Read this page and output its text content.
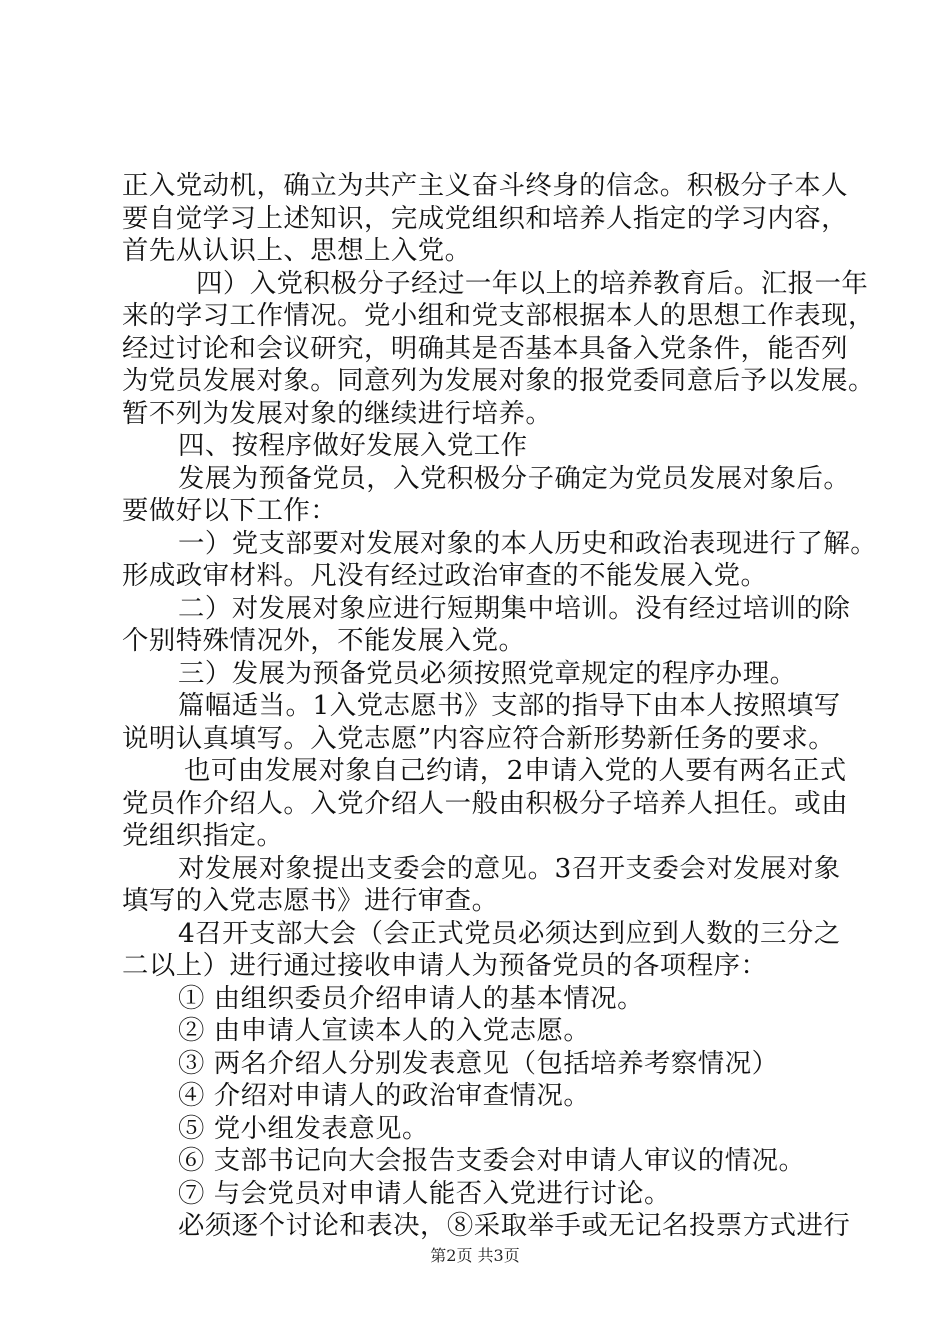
正入党动机，确立为共产主义奋斗终身的信念。积极分子本人
要自觉学习上述知识，完成党组织和培养人指定的学习内容，
首先从认识上、思想上入党。
四）入党积极分子经过一年以上的培养教育后。汇报一年
来的学习工作情况。党小组和党支部根据本人的思想工作表现，
经过讨论和会议研究，明确其是否基本具备入党条件，能否列
为党员发展对象。同意列为发展对象的报党委同意后予以发展。
暂不列为发展对象的继续进行培养。
四、按程序做好发展入党工作
发展为预备党员，入党积极分子确定为党员发展对象后。
要做好以下工作：
一）党支部要对发展对象的本人历史和政治表现进行了解。
形成政审材料。凡没有经过政治审查的不能发展入党。
二）对发展对象应进行短期集中培训。没有经过培训的除
个别特殊情况外，不能发展入党。
三）发展为预备党员必须按照党章规定的程序办理。
篇幅适当。1入党志愿书》支部的指导下由本人按照填写
说明认真填写。入党志愿”内容应符合新形势新任务的要求。
也可由发展对象自己约请，2申请入党的人要有两名正式
党员作介绍人。入党介绍人一般由积极分子培养人担任。或由
党组织指定。
对发展对象提出支委会的意见。3召开支委会对发展对象
填写的入党志愿书》进行审查。
4召开支部大会（会正式党员必须达到应到人数的三分之
二以上）进行通过接收申请人为预备党员的各项程序：
① 由组织委员介绍申请人的基本情况。
② 由申请人宣读本人的入党志愿。
③ 两名介绍人分别发表意见（包括培养考察情况）
④ 介绍对申请人的政治审查情况。
⑤ 党小组发表意见。
⑥ 支部书记向大会报告支委会对申请人审议的情况。
⑦ 与会党员对申请人能否入党进行讨论。
必须逐个讨论和表决，⑧采取举手或无记名投票方式进行
第2页 共3页
